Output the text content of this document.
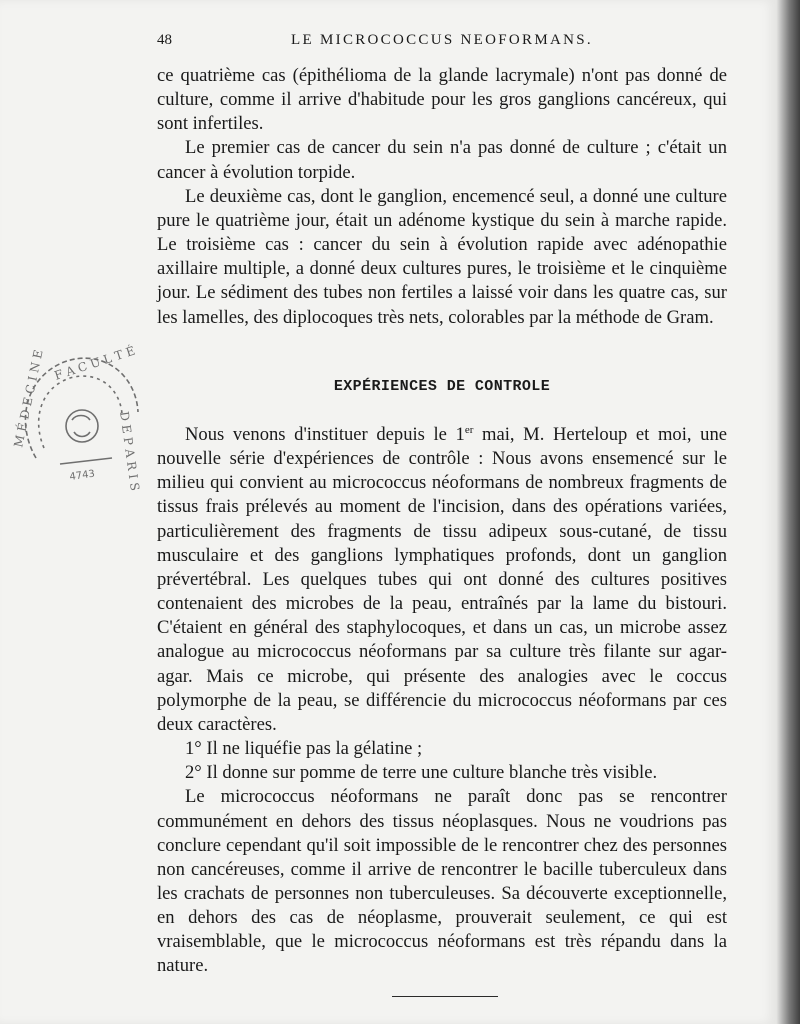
48	LE MICROCOCCUS NEOFORMANS.

ce quatrième cas (épithélioma de la glande lacrymale) n'ont pas donné de culture, comme il arrive d'habitude pour les gros ganglions cancéreux, qui sont infertiles.

Le premier cas de cancer du sein n'a pas donné de culture ; c'était un cancer à évolution torpide.

Le deuxième cas, dont le ganglion, encemencé seul, a donné une culture pure le quatrième jour, était un adénome kystique du sein à marche rapide. Le troisième cas : cancer du sein à évolution rapide avec adénopathie axillaire multiple, a donné deux cultures pures, le troisième et le cinquième jour. Le sédiment des tubes non fertiles a laissé voir dans les quatre cas, sur les lamelles, des diplocoques très nets, colorables par la méthode de Gram.

F A C U L T É
D E P A R I S
M É D E C I N E
4743
EXPÉRIENCES DE CONTROLE

Nous venons d'instituer depuis le 1er mai, M. Herteloup et moi, une nouvelle série d'expériences de contrôle : Nous avons ensemencé sur le milieu qui convient au micrococcus néoformans de nombreux fragments de tissus frais prélevés au moment de l'incision, dans des opérations variées, particulièrement des fragments de tissu adipeux sous-cutané, de tissu musculaire et des ganglions lymphatiques profonds, dont un ganglion prévertébral. Les quelques tubes qui ont donné des cultures positives contenaient des microbes de la peau, entraînés par la lame du bistouri. C'étaient en général des staphylocoques, et dans un cas, un microbe assez analogue au micrococcus néoformans par sa culture très filante sur agar-agar. Mais ce microbe, qui présente des analogies avec le coccus polymorphe de la peau, se différencie du micrococcus néoformans par ces deux caractères.

1° Il ne liquéfie pas la gélatine ;

2° Il donne sur pomme de terre une culture blanche très visible.

Le micrococcus néoformans ne paraît donc pas se rencontrer communément en dehors des tissus néoplasques. Nous ne voudrions pas conclure cependant qu'il soit impossible de le rencontrer chez des personnes non cancéreuses, comme il arrive de rencontrer le bacille tuberculeux dans les crachats de personnes non tuberculeuses. Sa découverte exceptionnelle, en dehors des cas de néoplasme, prouverait seulement, ce qui est vraisemblable, que le micrococcus néoformans est très répandu dans la nature.
